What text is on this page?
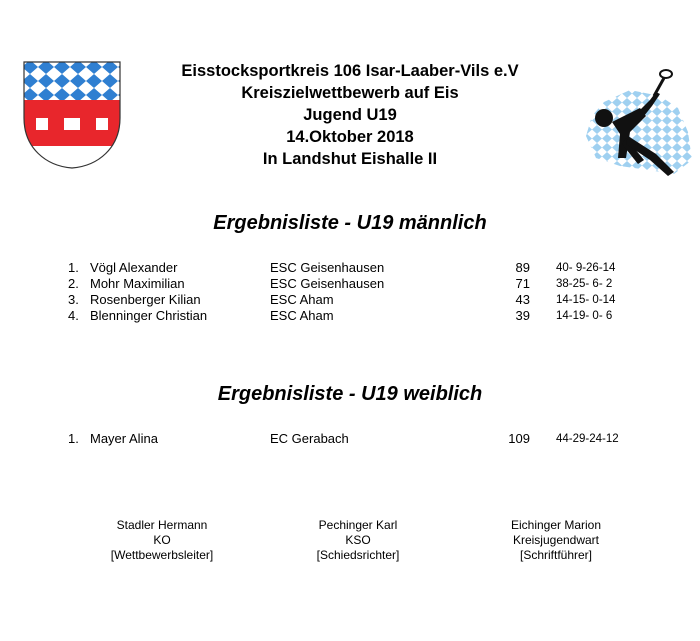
Eisstocksportkreis 106 Isar-Laaber-Vils e.V
Kreiszielwettbewerb auf Eis
Jugend U19
14.Oktober 2018
In Landshut Eishalle II
Ergebnisliste - U19 männlich
1. Vögl Alexander	ESC Geisenhausen	89 40- 9-26-14
2. Mohr Maximilian	ESC Geisenhausen	71 38-25- 6- 2
3. Rosenberger Kilian	ESC Aham	43 14-15- 0-14
4. Blenninger Christian	ESC Aham	39 14-19- 0- 6
Ergebnisliste - U19 weiblich
1. Mayer Alina	EC Gerabach	109 44-29-24-12
Stadler Hermann
KO
[Wettbewerbsleiter]
Pechinger Karl
KSO
[Schiedsrichter]
Eichinger Marion
Kreisjugendwart
[Schriftführer]
